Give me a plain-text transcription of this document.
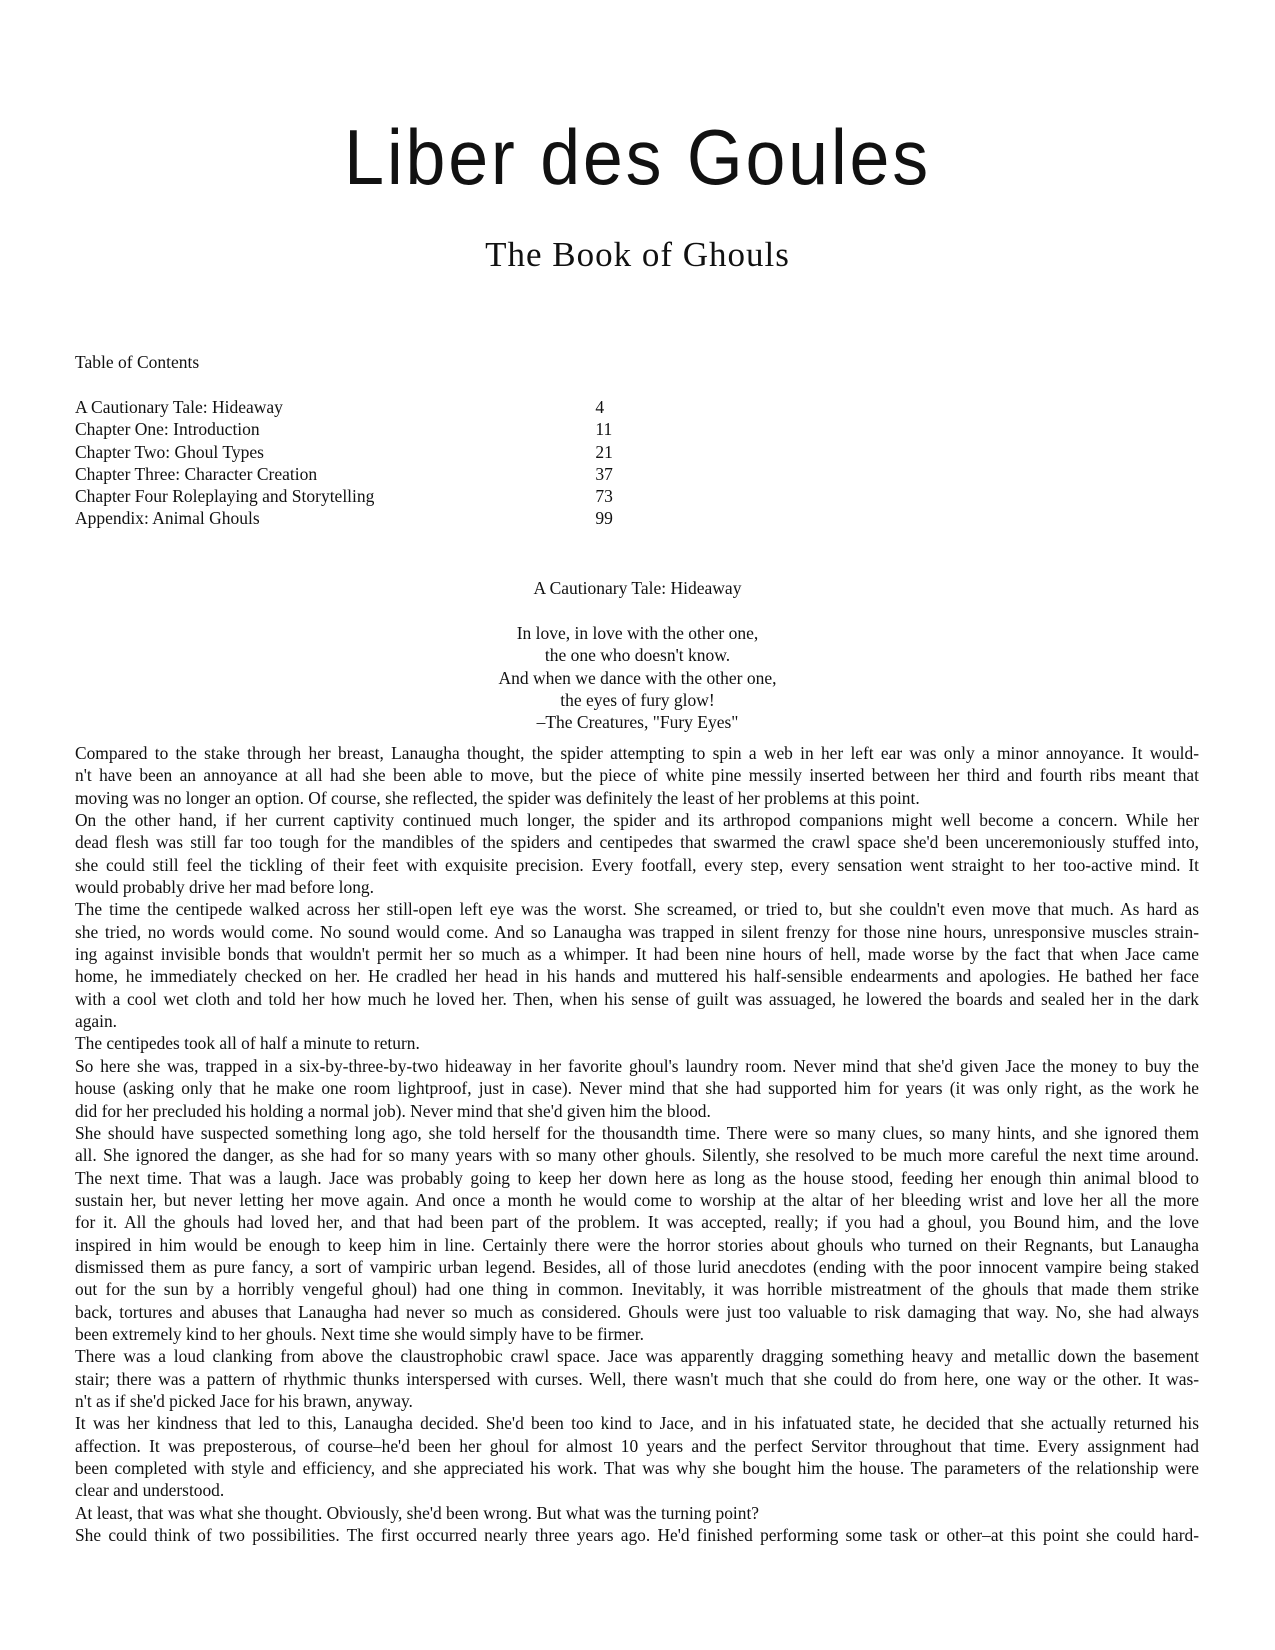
Liber des Goules
The Book of Ghouls
Table of Contents
A Cautionary Tale: Hideaway	4
Chapter One: Introduction	11
Chapter Two: Ghoul Types	21
Chapter Three: Character Creation	37
Chapter Four Roleplaying and Storytelling	73
Appendix: Animal Ghouls	99
A Cautionary Tale: Hideaway
In love, in love with the other one,
the one who doesn't know.
And when we dance with the other one,
the eyes of fury glow!
–The Creatures, "Fury Eyes"
Compared to the stake through her breast, Lanaugha thought, the spider attempting to spin a web in her left ear was only a minor annoyance. It would-
n't have been an annoyance at all had she been able to move, but the piece of white pine messily inserted between her third and fourth ribs meant that
moving was no longer an option. Of course, she reflected, the spider was definitely the least of her problems at this point.
On the other hand, if her current captivity continued much longer, the spider and its arthropod companions might well become a concern. While her
dead flesh was still far too tough for the mandibles of the spiders and centipedes that swarmed the crawl space she'd been unceremoniously stuffed into,
she could still feel the tickling of their feet with exquisite precision. Every footfall, every step, every sensation went straight to her too-active mind. It
would probably drive her mad before long.
The time the centipede walked across her still-open left eye was the worst. She screamed, or tried to, but she couldn't even move that much. As hard as
she tried, no words would come. No sound would come. And so Lanaugha was trapped in silent frenzy for those nine hours, unresponsive muscles strain-
ing against invisible bonds that wouldn't permit her so much as a whimper. It had been nine hours of hell, made worse by the fact that when Jace came
home, he immediately checked on her. He cradled her head in his hands and muttered his half-sensible endearments and apologies. He bathed her face
with a cool wet cloth and told her how much he loved her. Then, when his sense of guilt was assuaged, he lowered the boards and sealed her in the dark
again.
The centipedes took all of half a minute to return.
So here she was, trapped in a six-by-three-by-two hideaway in her favorite ghoul's laundry room. Never mind that she'd given Jace the money to buy the
house (asking only that he make one room lightproof, just in case). Never mind that she had supported him for years (it was only right, as the work he
did for her precluded his holding a normal job). Never mind that she'd given him the blood.
She should have suspected something long ago, she told herself for the thousandth time. There were so many clues, so many hints, and she ignored them
all. She ignored the danger, as she had for so many years with so many other ghouls. Silently, she resolved to be much more careful the next time around.
The next time. That was a laugh. Jace was probably going to keep her down here as long as the house stood, feeding her enough thin animal blood to
sustain her, but never letting her move again. And once a month he would come to worship at the altar of her bleeding wrist and love her all the more
for it. All the ghouls had loved her, and that had been part of the problem. It was accepted, really; if you had a ghoul, you Bound him, and the love
inspired in him would be enough to keep him in line. Certainly there were the horror stories about ghouls who turned on their Regnants, but Lanaugha
dismissed them as pure fancy, a sort of vampiric urban legend. Besides, all of those lurid anecdotes (ending with the poor innocent vampire being staked
out for the sun by a horribly vengeful ghoul) had one thing in common. Inevitably, it was horrible mistreatment of the ghouls that made them strike
back, tortures and abuses that Lanaugha had never so much as considered. Ghouls were just too valuable to risk damaging that way. No, she had always
been extremely kind to her ghouls. Next time she would simply have to be firmer.
There was a loud clanking from above the claustrophobic crawl space. Jace was apparently dragging something heavy and metallic down the basement
stair; there was a pattern of rhythmic thunks interspersed with curses. Well, there wasn't much that she could do from here, one way or the other. It was-
n't as if she'd picked Jace for his brawn, anyway.
It was her kindness that led to this, Lanaugha decided. She'd been too kind to Jace, and in his infatuated state, he decided that she actually returned his
affection. It was preposterous, of course–he'd been her ghoul for almost 10 years and the perfect Servitor throughout that time. Every assignment had
been completed with style and efficiency, and she appreciated his work. That was why she bought him the house. The parameters of the relationship were
clear and understood.
At least, that was what she thought. Obviously, she'd been wrong. But what was the turning point?
She could think of two possibilities. The first occurred nearly three years ago. He'd finished performing some task or other–at this point she could hard-
